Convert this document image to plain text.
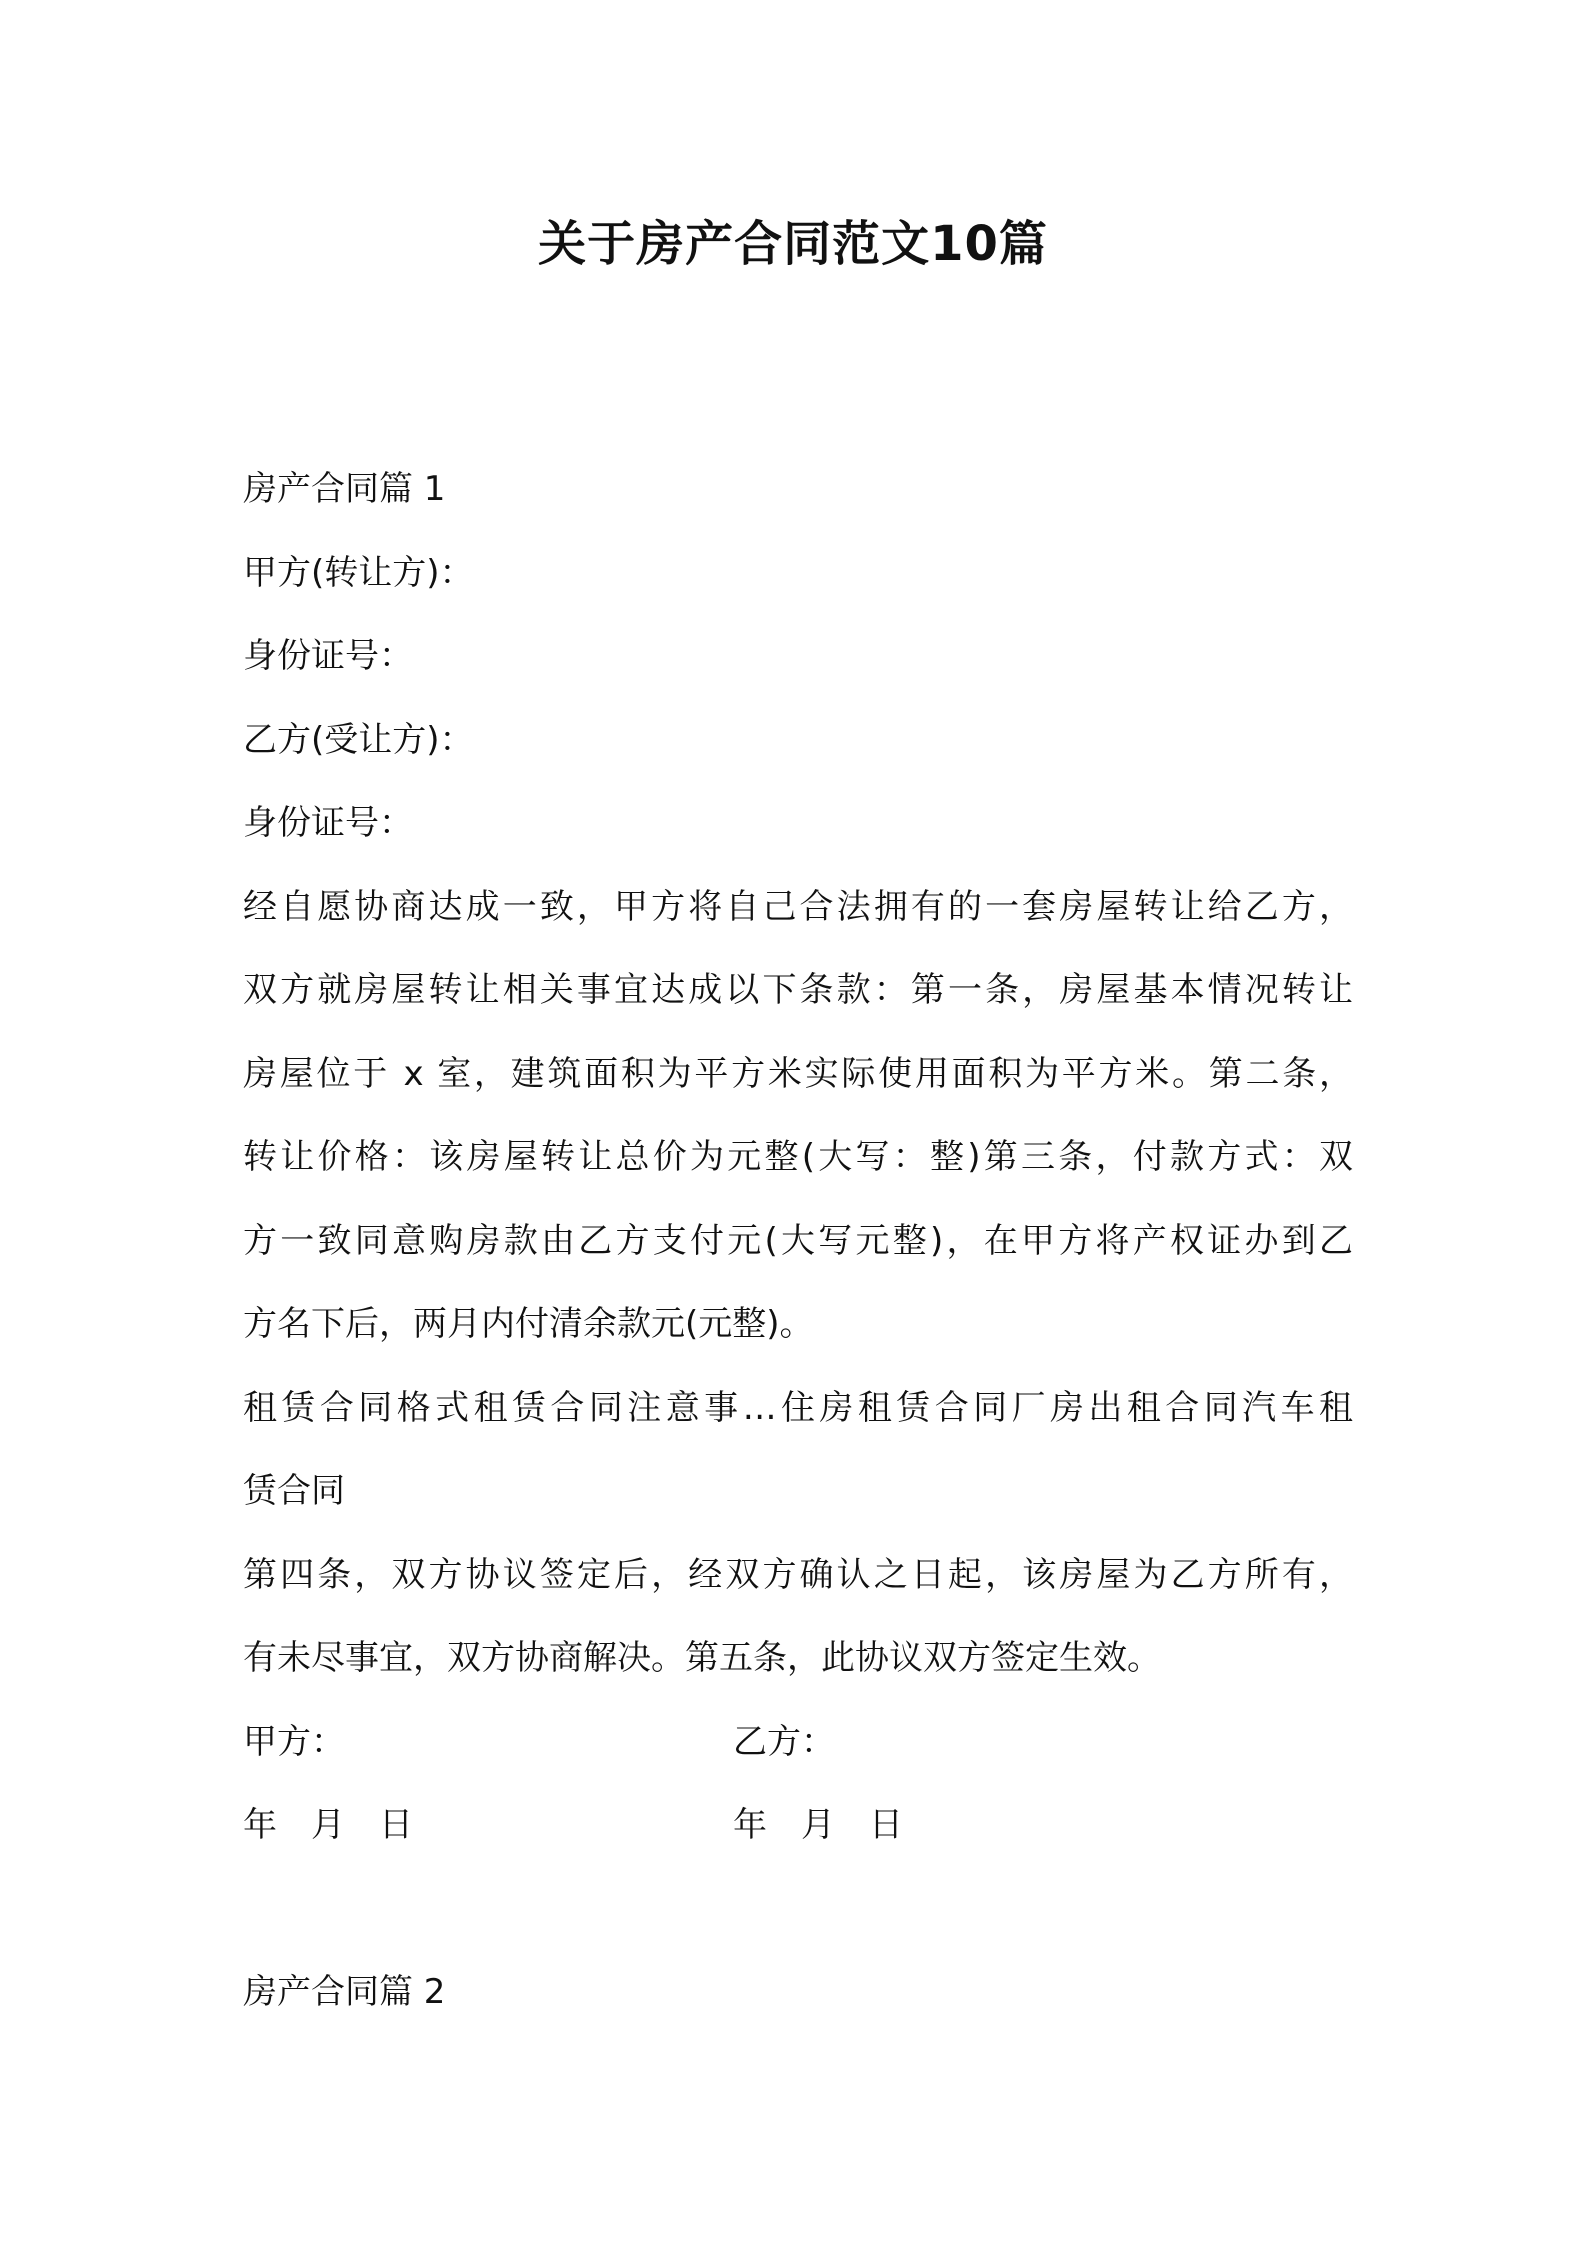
关于房产合同范文10篇
房产合同篇 1
甲方(转让方)：
身份证号：
乙方(受让方)：
身份证号：
经自愿协商达成一致，甲方将自己合法拥有的一套房屋转让给乙方，
双方就房屋转让相关事宜达成以下条款：第一条，房屋基本情况转让
房屋位于 x 室，建筑面积为平方米实际使用面积为平方米。第二条，
转让价格：该房屋转让总价为元整(大写：整)第三条，付款方式：双
方一致同意购房款由乙方支付元(大写元整)，在甲方将产权证办到乙
方名下后，两月内付清余款元(元整)。
租赁合同格式租赁合同注意事…住房租赁合同厂房出租合同汽车租
赁合同
第四条，双方协议签定后，经双方确认之日起，该房屋为乙方所有，
有未尽事宜，双方协商解决。第五条，此协议双方签定生效。
甲方：	乙方：
年　月　日	年　月　日
房产合同篇 2
